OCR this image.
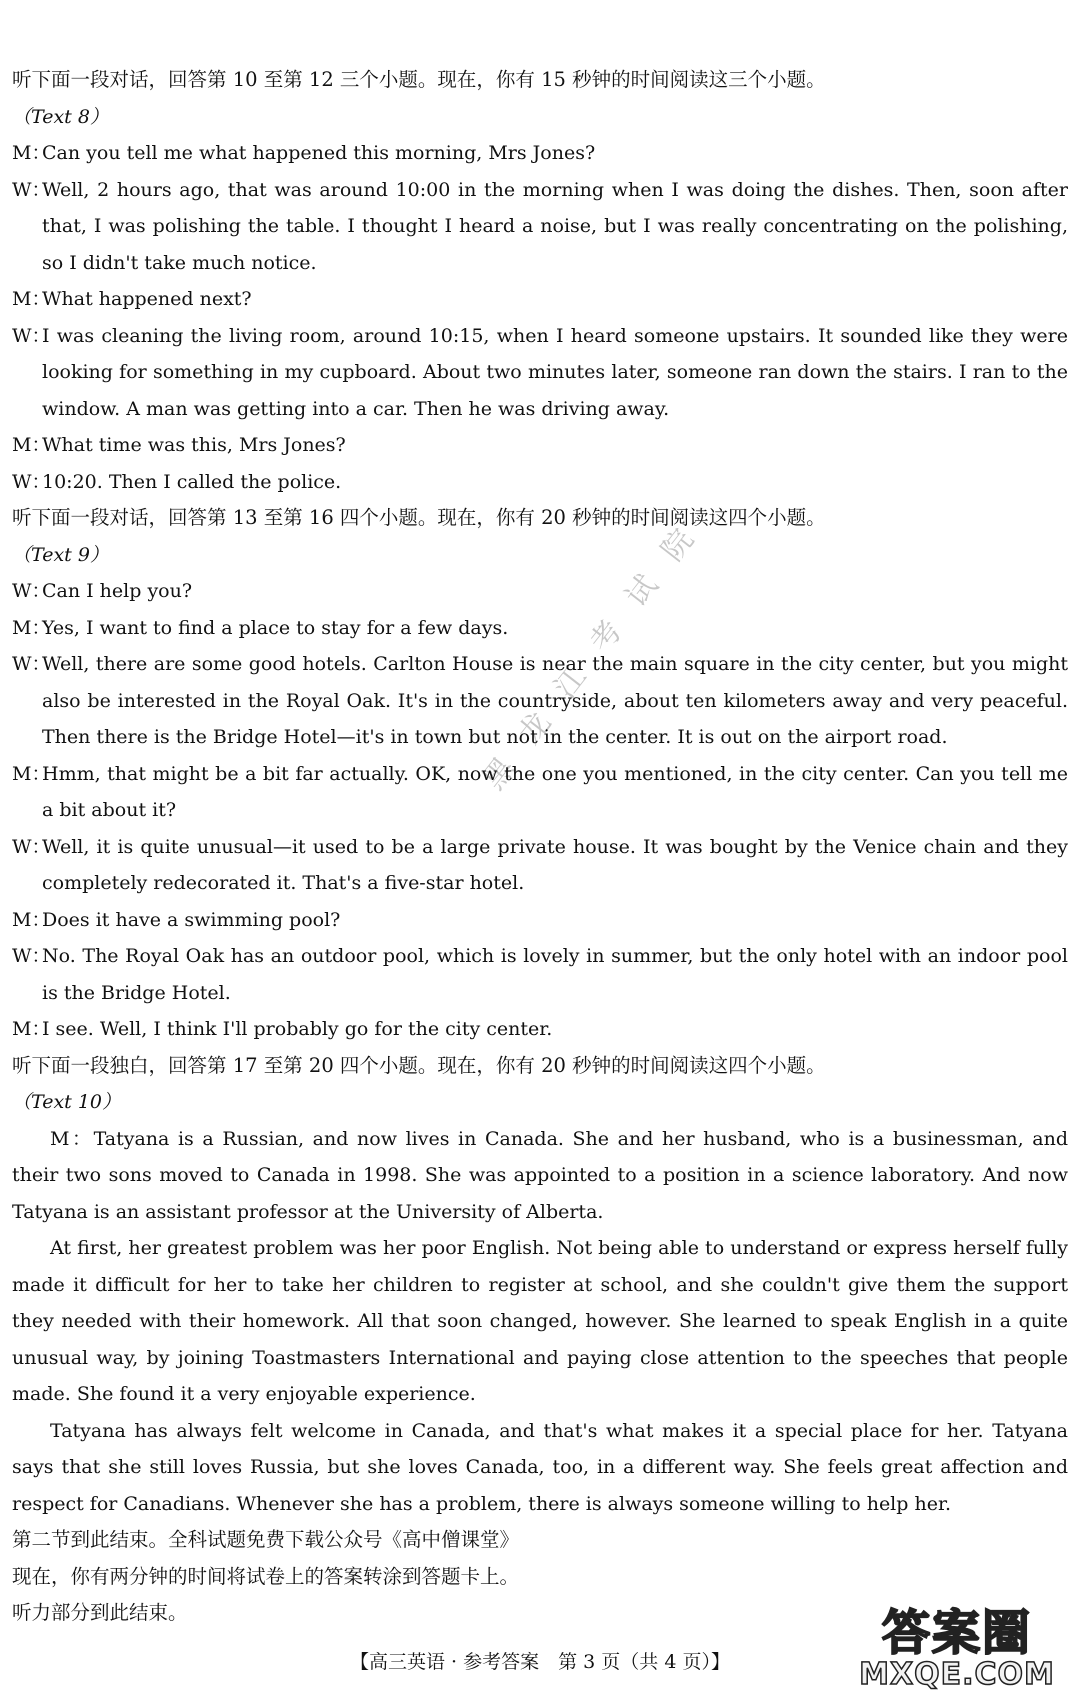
黑龙江考试院

听下面一段对话，回答第 10 至第 12 三个小题。现在，你有 15 秒钟的时间阅读这三个小题。

（Text 8）

M：
Can you tell me what happened this morning, Mrs Jones?
W：
Well, 2 hours ago, that was around 10:00 in the morning when I was doing the dishes. Then, soon after that, I was polishing the table. I thought I heard a noise, but I was really concentrating on the polishing, so I didn't take much notice.
M：
What happened next?
W：
I was cleaning the living room, around 10:15, when I heard someone upstairs. It sounded like they were looking for something in my cupboard. About two minutes later, someone ran down the stairs. I ran to the window. A man was getting into a car. Then he was driving away.
M：
What time was this, Mrs Jones?
W：
10:20. Then I called the police.

听下面一段对话，回答第 13 至第 16 四个小题。现在，你有 20 秒钟的时间阅读这四个小题。

（Text 9）

W：
Can I help you?
M：
Yes, I want to find a place to stay for a few days.
W：
Well, there are some good hotels. Carlton House is near the main square in the city center, but you might also be interested in the Royal Oak. It's in the countryside, about ten kilometers away and very peaceful. Then there is the Bridge Hotel—it's in town but not in the center. It is out on the airport road.
M：
Hmm, that might be a bit far actually. OK, now the one you mentioned, in the city center. Can you tell me a bit about it?
W：
Well, it is quite unusual—it used to be a large private house. It was bought by the Venice chain and they completely redecorated it. That's a five-star hotel.
M：
Does it have a swimming pool?
W：
No. The Royal Oak has an outdoor pool, which is lovely in summer, but the only hotel with an indoor pool is the Bridge Hotel.
M：
I see. Well, I think I'll probably go for the city center.

听下面一段独白，回答第 17 至第 20 四个小题。现在，你有 20 秒钟的时间阅读这四个小题。

（Text 10）

M：Tatyana is a Russian, and now lives in Canada. She and her husband, who is a businessman, and their two sons moved to Canada in 1998. She was appointed to a position in a science laboratory. And now Tatyana is an assistant professor at the University of Alberta.

At first, her greatest problem was her poor English. Not being able to understand or express herself fully made it difficult for her to take her children to register at school, and she couldn't give them the support they needed with their homework. All that soon changed, however. She learned to speak English in a quite unusual way, by joining Toastmasters International and paying close attention to the speeches that people made. She found it a very enjoyable experience.

Tatyana has always felt welcome in Canada, and that's what makes it a special place for her. Tatyana says that she still loves Russia, but she loves Canada, too, in a different way. She feels great affection and respect for Canadians. Whenever she has a problem, there is always someone willing to help her.

第二节到此结束。全科试题免费下载公众号《高中僧课堂》

现在，你有两分钟的时间将试卷上的答案转涂到答题卡上。

听力部分到此结束。

【高三英语 · 参考答案　第 3 页（共 4 页）】
答案圈
MXQE.COM
